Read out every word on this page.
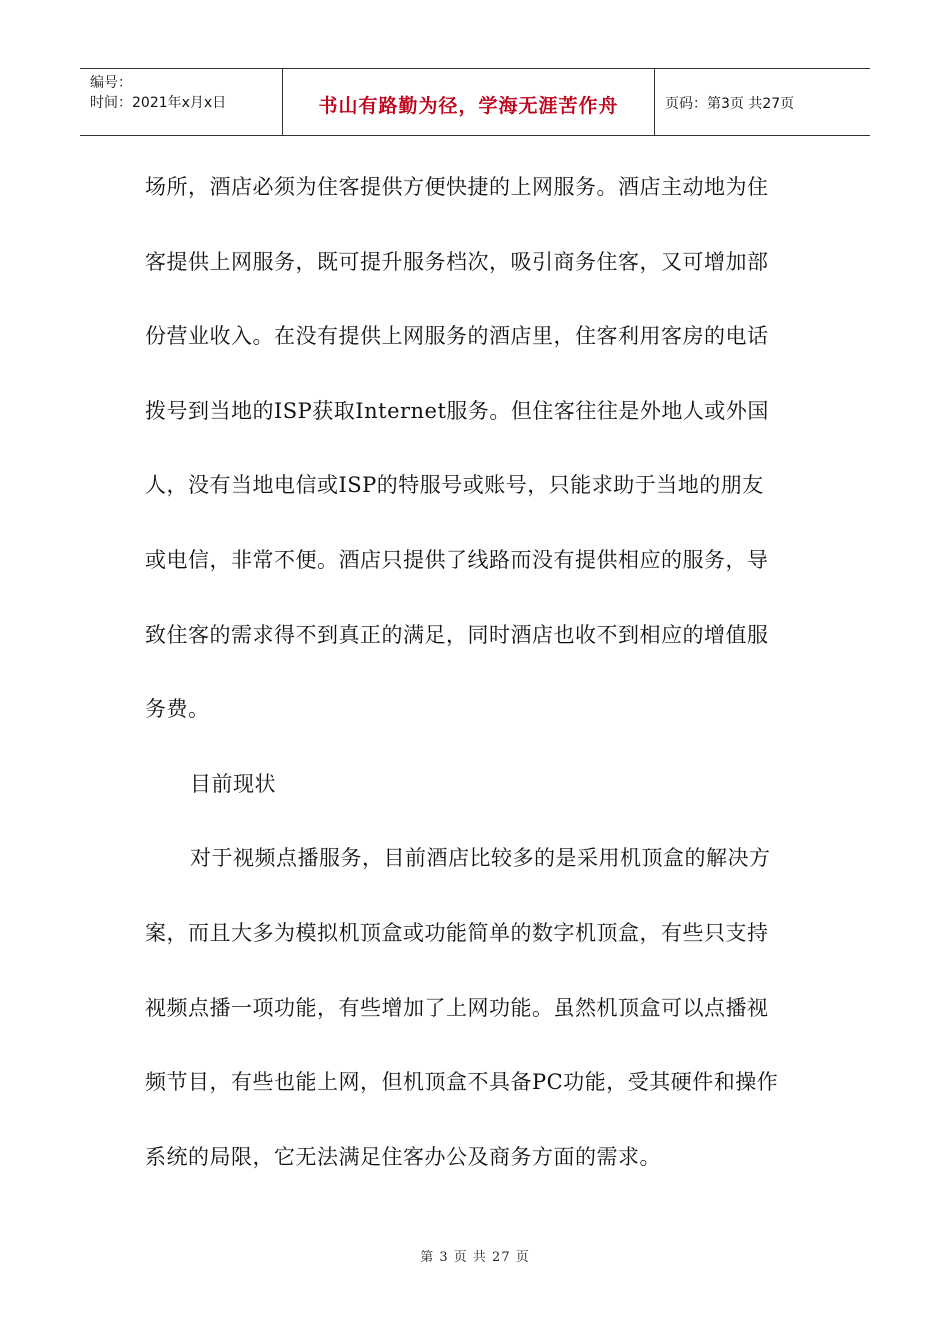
编号：
时间：2021年x月x日	书山有路勤为径，学海无涯苦作舟	页码：第3页 共27页

场所，酒店必须为住客提供方便快捷的上网服务。酒店主动地为住

客提供上网服务，既可提升服务档次，吸引商务住客，又可增加部

份营业收入。在没有提供上网服务的酒店里，住客利用客房的电话

拨号到当地的ISP获取Internet服务。但住客往往是外地人或外国

人，没有当地电信或ISP的特服号或账号，只能求助于当地的朋友

或电信，非常不便。酒店只提供了线路而没有提供相应的服务，导

致住客的需求得不到真正的满足，同时酒店也收不到相应的增值服

务费。

目前现状

对于视频点播服务，目前酒店比较多的是采用机顶盒的解决方

案，而且大多为模拟机顶盒或功能简单的数字机顶盒，有些只支持

视频点播一项功能，有些增加了上网功能。虽然机顶盒可以点播视

频节目，有些也能上网，但机顶盒不具备PC功能，受其硬件和操作

系统的局限，它无法满足住客办公及商务方面的需求。

第 3 页 共 27 页
